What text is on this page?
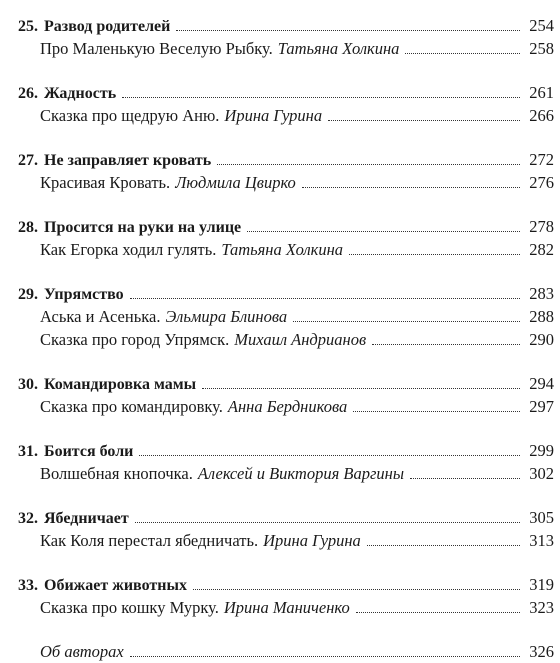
25. Развод родителей	254
Про Маленькую Веселую Рыбку. Татьяна Холкина	258
26. Жадность	261
Сказка про щедрую Аню. Ирина Гурина	266
27. Не заправляет кровать	272
Красивая Кровать. Людмила Цвирко	276
28. Просится на руки на улице	278
Как Егорка ходил гулять. Татьяна Холкина	282
29. Упрямство	283
Аська и Асенька. Эльмира Блинова	288
Сказка про город Упрямск. Михаил Андрианов	290
30. Командировка мамы	294
Сказка про командировку. Анна Бердникова	297
31. Боится боли	299
Волшебная кнопочка. Алексей и Виктория Варгины	302
32. Ябедничает	305
Как Коля перестал ябедничать. Ирина Гурина	313
33. Обижает животных	319
Сказка про кошку Мурку. Ирина Маниченко	323
Об авторах	326
